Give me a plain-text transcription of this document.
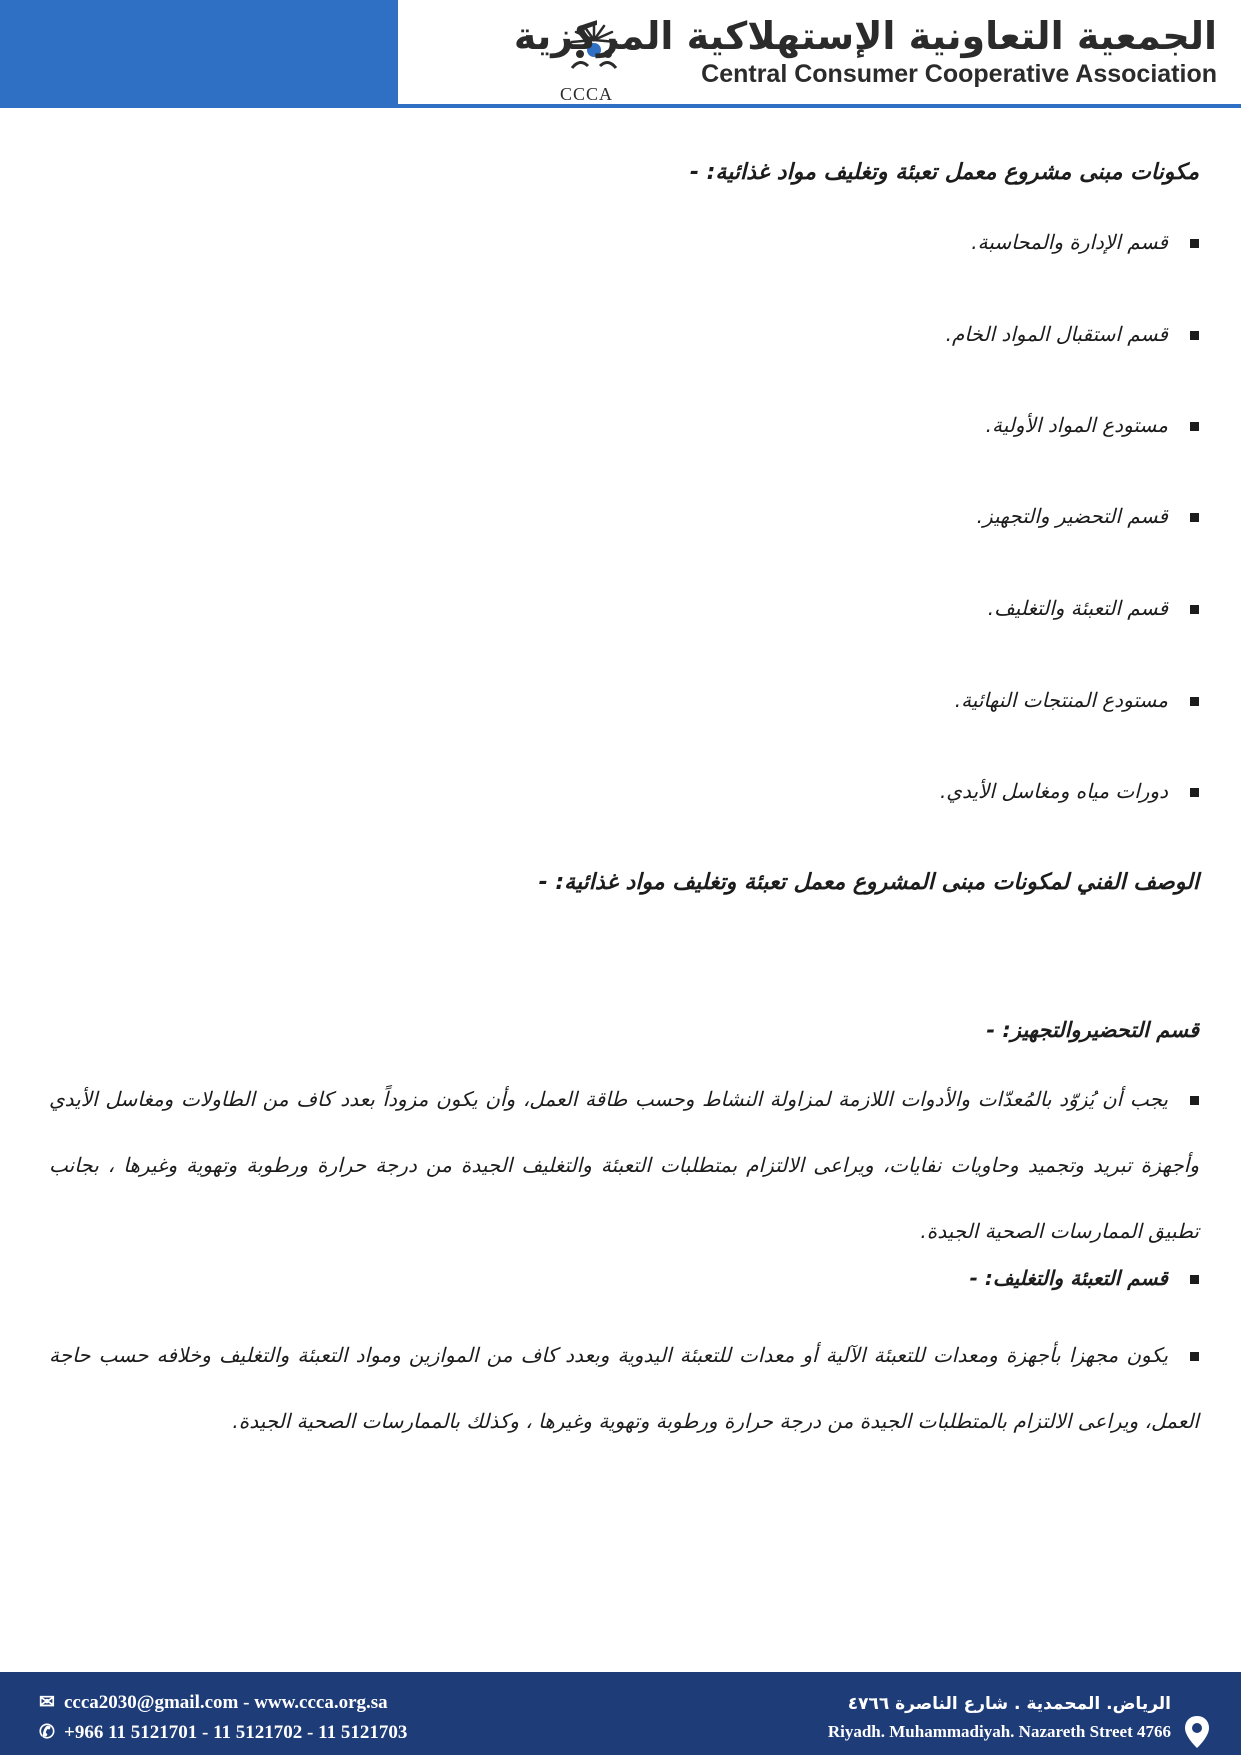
CCCA
الجمعية التعاونية الإستهلاكية المركزية
Central Consumer Cooperative Association
مكونات مبنى مشروع معمل تعبئة وتغليف مواد غذائية: -
قسم الإدارة والمحاسبة.
قسم استقبال المواد الخام.
مستودع المواد الأولية.
قسم التحضير والتجهيز.
قسم التعبئة والتغليف.
مستودع المنتجات النهائية.
دورات مياه ومغاسل الأيدي.
الوصف الفني لمكونات مبنى المشروع معمل تعبئة وتغليف مواد غذائية: -
قسم التحضيروالتجهيز: -
يجب أن يُزوّد بالمُعدّات والأدوات اللازمة لمزاولة النشاط وحسب طاقة العمل، وأن يكون مزوداً بعدد كاف من الطاولات ومغاسل الأيدي وأجهزة تبريد وتجميد وحاويات نفايات، ويراعى الالتزام بمتطلبات التعبئة والتغليف الجيدة من درجة حرارة ورطوبة وتهوية وغيرها ، بجانب تطبيق الممارسات الصحية الجيدة.
قسم التعبئة والتغليف: -
يكون مجهزا بأجهزة ومعدات للتعبئة الآلية أو معدات للتعبئة اليدوية وبعدد كاف من الموازين ومواد التعبئة والتغليف وخلافه حسب حاجة العمل، ويراعى الالتزام بالمتطلبات الجيدة من درجة حرارة ورطوبة وتهوية وغيرها ، وكذلك بالممارسات الصحية الجيدة.
✉ ccca2030@gmail.com - www.ccca.org.sa
✆ +966 11 5121701 - 11 5121702 - 11 5121703
الرياض. المحمدية . شارع الناصرة ٤٧٦٦
Riyadh. Muhammadiyah. Nazareth Street 4766
